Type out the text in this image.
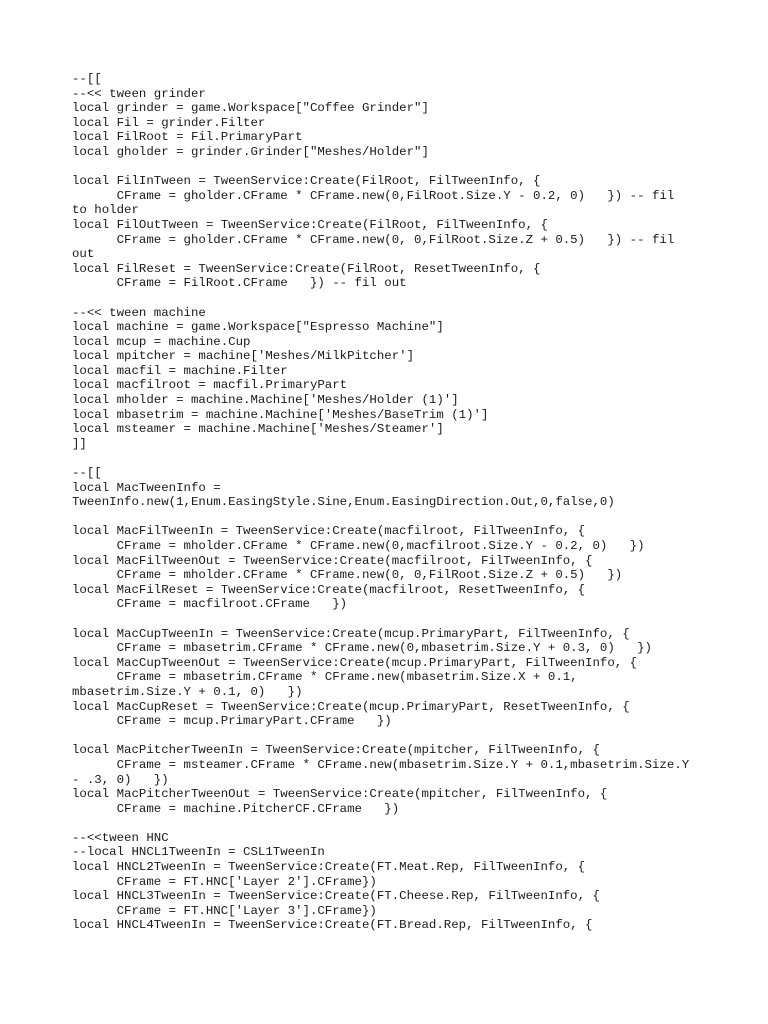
--[[
--<< tween grinder
local grinder = game.Workspace["Coffee Grinder"]
local Fil = grinder.Filter
local FilRoot = Fil.PrimaryPart
local gholder = grinder.Grinder["Meshes/Holder"]
local FilInTween = TweenService:Create(FilRoot, FilTweenInfo, {
CFrame = gholder.CFrame * CFrame.new(0,FilRoot.Size.Y - 0.2, 0)   }) -- fil
to holder
local FilOutTween = TweenService:Create(FilRoot, FilTweenInfo, {
CFrame = gholder.CFrame * CFrame.new(0, 0,FilRoot.Size.Z + 0.5)   }) -- fil
out
local FilReset = TweenService:Create(FilRoot, ResetTweenInfo, {
CFrame = FilRoot.CFrame   }) -- fil out
--<< tween machine
local machine = game.Workspace["Espresso Machine"]
local mcup = machine.Cup
local mpitcher = machine['Meshes/MilkPitcher']
local macfil = machine.Filter
local macfilroot = macfil.PrimaryPart
local mholder = machine.Machine['Meshes/Holder (1)']
local mbasetrim = machine.Machine['Meshes/BaseTrim (1)']
local msteamer = machine.Machine['Meshes/Steamer']
]]
--[[
local MacTweenInfo =
TweenInfo.new(1,Enum.EasingStyle.Sine,Enum.EasingDirection.Out,0,false,0)
local MacFilTweenIn = TweenService:Create(macfilroot, FilTweenInfo, {
CFrame = mholder.CFrame * CFrame.new(0,macfilroot.Size.Y - 0.2, 0)   })
local MacFilTweenOut = TweenService:Create(macfilroot, FilTweenInfo, {
CFrame = mholder.CFrame * CFrame.new(0, 0,FilRoot.Size.Z + 0.5)   })
local MacFilReset = TweenService:Create(macfilroot, ResetTweenInfo, {
CFrame = macfilroot.CFrame   })
local MacCupTweenIn = TweenService:Create(mcup.PrimaryPart, FilTweenInfo, {
CFrame = mbasetrim.CFrame * CFrame.new(0,mbasetrim.Size.Y + 0.3, 0)   })
local MacCupTweenOut = TweenService:Create(mcup.PrimaryPart, FilTweenInfo, {
CFrame = mbasetrim.CFrame * CFrame.new(mbasetrim.Size.X + 0.1,
mbasetrim.Size.Y + 0.1, 0)   })
local MacCupReset = TweenService:Create(mcup.PrimaryPart, ResetTweenInfo, {
CFrame = mcup.PrimaryPart.CFrame   })
local MacPitcherTweenIn = TweenService:Create(mpitcher, FilTweenInfo, {
CFrame = msteamer.CFrame * CFrame.new(mbasetrim.Size.Y + 0.1,mbasetrim.Size.Y
- .3, 0)   })
local MacPitcherTweenOut = TweenService:Create(mpitcher, FilTweenInfo, {
CFrame = machine.PitcherCF.CFrame   })
--<<tween HNC
--local HNCL1TweenIn = CSL1TweenIn
local HNCL2TweenIn = TweenService:Create(FT.Meat.Rep, FilTweenInfo, {
CFrame = FT.HNC['Layer 2'].CFrame})
local HNCL3TweenIn = TweenService:Create(FT.Cheese.Rep, FilTweenInfo, {
CFrame = FT.HNC['Layer 3'].CFrame})
local HNCL4TweenIn = TweenService:Create(FT.Bread.Rep, FilTweenInfo, {
